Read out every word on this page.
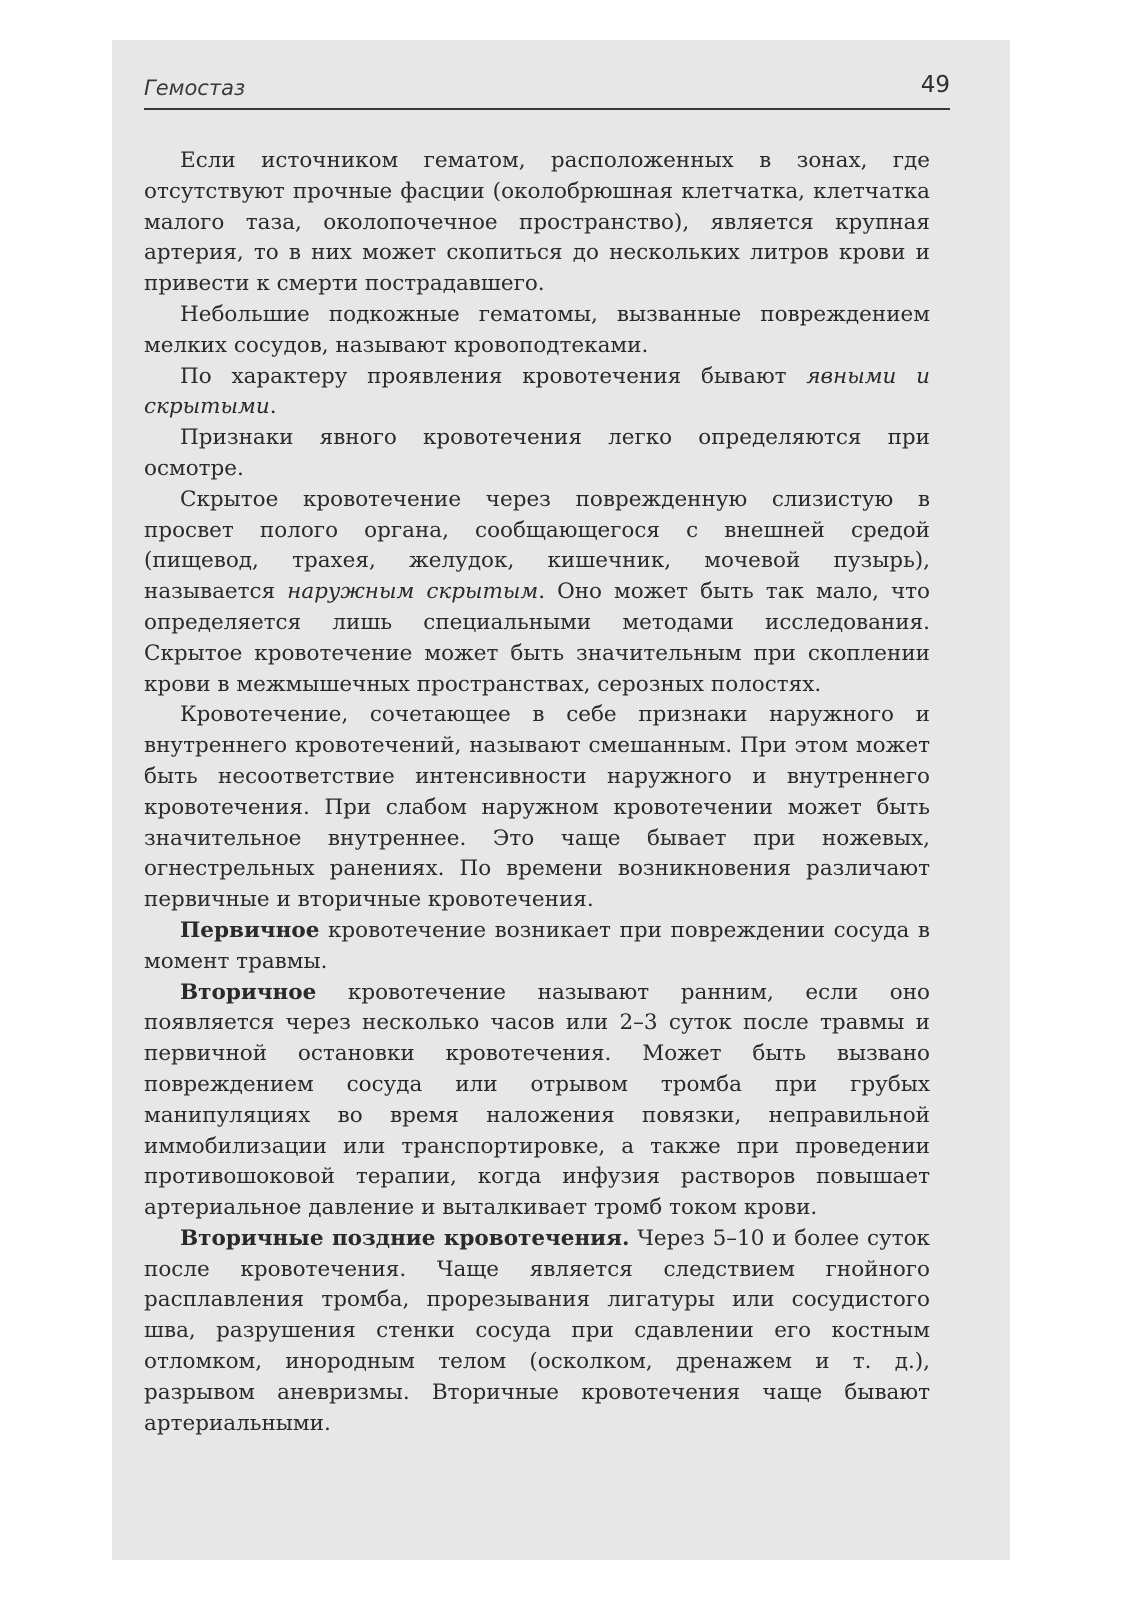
Гемостаз	49

Если источником гематом, расположенных в зонах, где отсутствуют прочные фасции (околобрюшная клетчатка, клетчатка малого таза, околопочечное пространство), является крупная артерия, то в них может скопиться до нескольких литров крови и привести к смерти пострадавшего.

Небольшие подкожные гематомы, вызванные повреждением мелких сосудов, называют кровоподтеками.

По характеру проявления кровотечения бывают явными и скрытыми.

Признаки явного кровотечения легко определяются при осмотре.

Скрытое кровотечение через поврежденную слизистую в просвет полого органа, сообщающегося с внешней средой (пищевод, трахея, желудок, кишечник, мочевой пузырь), называется наружным скрытым. Оно может быть так мало, что определяется лишь специальными методами исследования. Скрытое кровотечение может быть значительным при скоплении крови в межмышечных пространствах, серозных полостях.

Кровотечение, сочетающее в себе признаки наружного и внутреннего кровотечений, называют смешанным. При этом может быть несоответствие интенсивности наружного и внутреннего кровотечения. При слабом наружном кровотечении может быть значительное внутреннее. Это чаще бывает при ножевых, огнестрельных ранениях. По времени возникновения различают первичные и вторичные кровотечения.

Первичное кровотечение возникает при повреждении сосуда в момент травмы.

Вторичное кровотечение называют ранним, если оно появляется через несколько часов или 2–3 суток после травмы и первичной остановки кровотечения. Может быть вызвано повреждением сосуда или отрывом тромба при грубых манипуляциях во время наложения повязки, неправильной иммобилизации или транспортировке, а также при проведении противошоковой терапии, когда инфузия растворов повышает артериальное давление и выталкивает тромб током крови.

Вторичные поздние кровотечения. Через 5–10 и более суток после кровотечения. Чаще является следствием гнойного расплавления тромба, прорезывания лигатуры или сосудистого шва, разрушения стенки сосуда при сдавлении его костным отломком, инородным телом (осколком, дренажем и т. д.), разрывом аневризмы. Вторичные кровотечения чаще бывают артериальными.
